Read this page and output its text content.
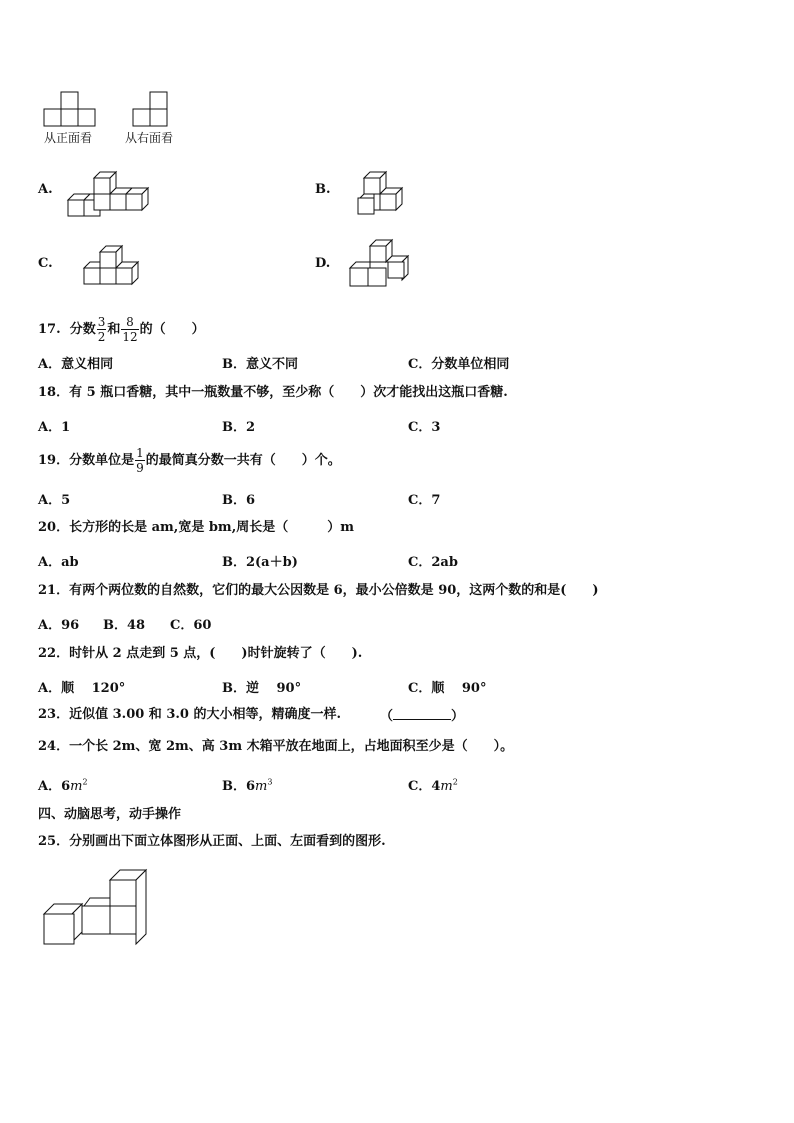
从正面看	从右面看
A.	B.
C.	D.
17. 分数 $\frac{3}{2}$ 和 $\frac{8}{12}$ 的（　　）
A．意义相同	B．意义不同	C．分数单位相同
18．有 5 瓶口香糖，其中一瓶数量不够，至少称（　　）次才能找出这瓶口香糖.
A．1	B．2	C．3
19．分数单位是 $\frac{1}{9}$ 的最简真分数一共有（　　）个。
A．5	B．6	C．7
20．长方形的长是 am,宽是 bm,周长是（　　　）m
A．ab	B．2(a＋b)	C．2ab
21．有两个两位数的自然数，它们的最大公因数是 6，最小公倍数是 90，这两个数的和是(　　)
A．96 B．48 C．60
22．时针从 2 点走到 5 点，(　　)时针旋转了（　　).
A．顺　 120°	B．逆　 90°	C．顺　 90°
23．近似值 3.00 和 3.0 的大小相等，精确度一样.	（	）
24．一个长 2m、宽 2m、高 3m 木箱平放在地面上，占地面积至少是（　　）。
A．$6m^2$	B．$6m^3$	C．$4m^2$
四、动脑思考，动手操作
25．分别画出下面立体图形从正面、上面、左面看到的图形.
